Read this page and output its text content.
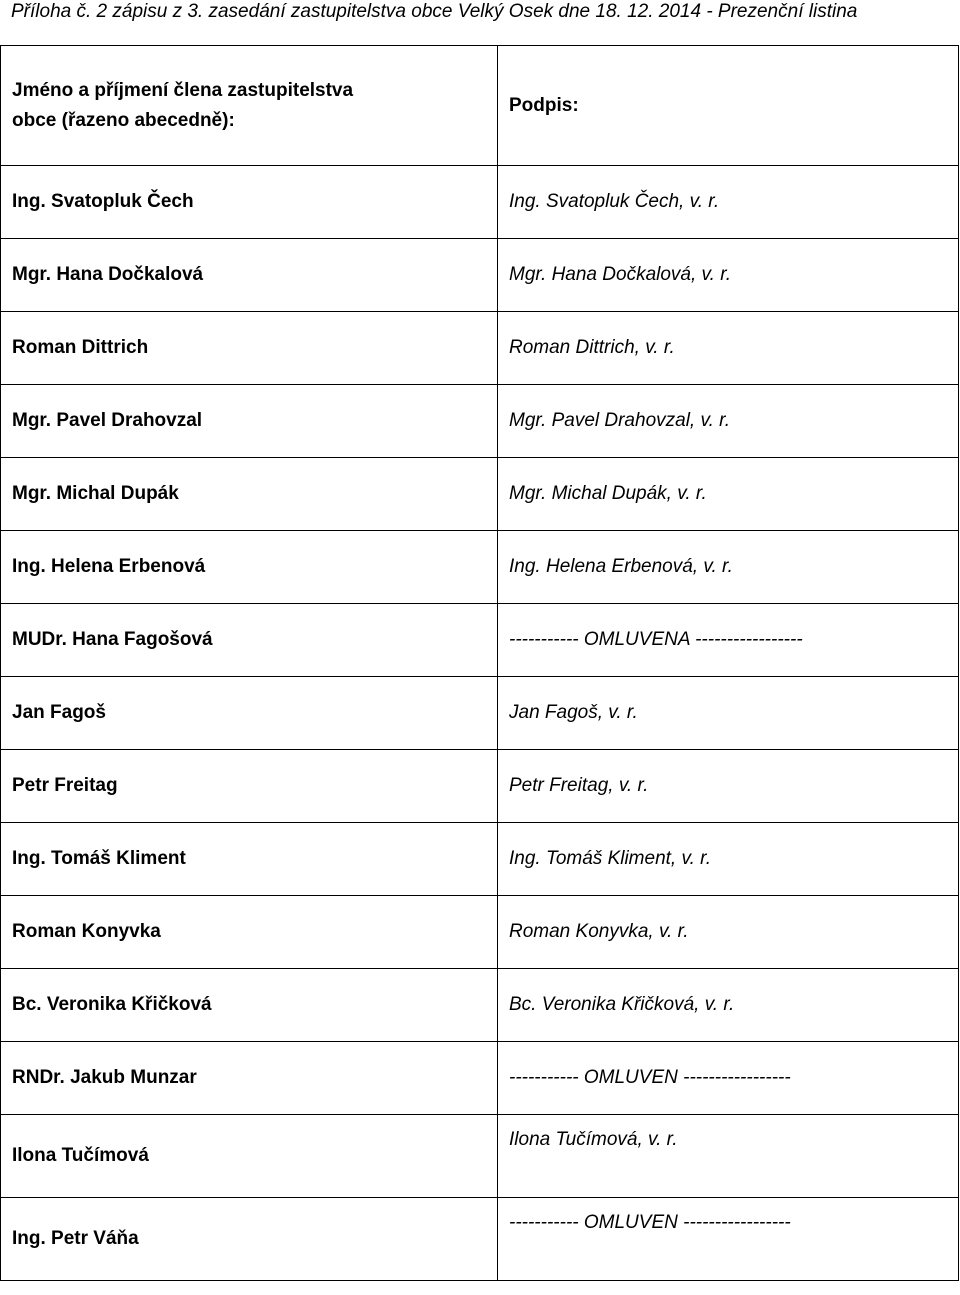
Příloha č. 2 zápisu z 3. zasedání zastupitelstva obce Velký Osek dne 18. 12. 2014 - Prezenční listina
Jméno a příjmení člena zastupitelstva
obce (řazeno abecedně):	Podpis:
Ing. Svatopluk Čech	Ing. Svatopluk Čech, v. r.
Mgr. Hana Dočkalová	Mgr. Hana Dočkalová, v. r.
Roman Dittrich	Roman Dittrich, v. r.
Mgr. Pavel Drahovzal	Mgr. Pavel Drahovzal, v. r.
Mgr. Michal Dupák	Mgr. Michal Dupák, v. r.
Ing. Helena Erbenová	Ing. Helena Erbenová, v. r.
MUDr. Hana Fagošová	----------- OMLUVENA -----------------
Jan Fagoš	Jan Fagoš, v. r.
Petr Freitag	Petr Freitag, v. r.
Ing. Tomáš Kliment	Ing. Tomáš Kliment, v. r.
Roman Konyvka	Roman Konyvka, v. r.
Bc. Veronika Křičková	Bc. Veronika Křičková, v. r.
RNDr. Jakub Munzar	----------- OMLUVEN -----------------
Ilona Tučímová	Ilona Tučímová, v. r.
Ing. Petr Váňa	----------- OMLUVEN -----------------
